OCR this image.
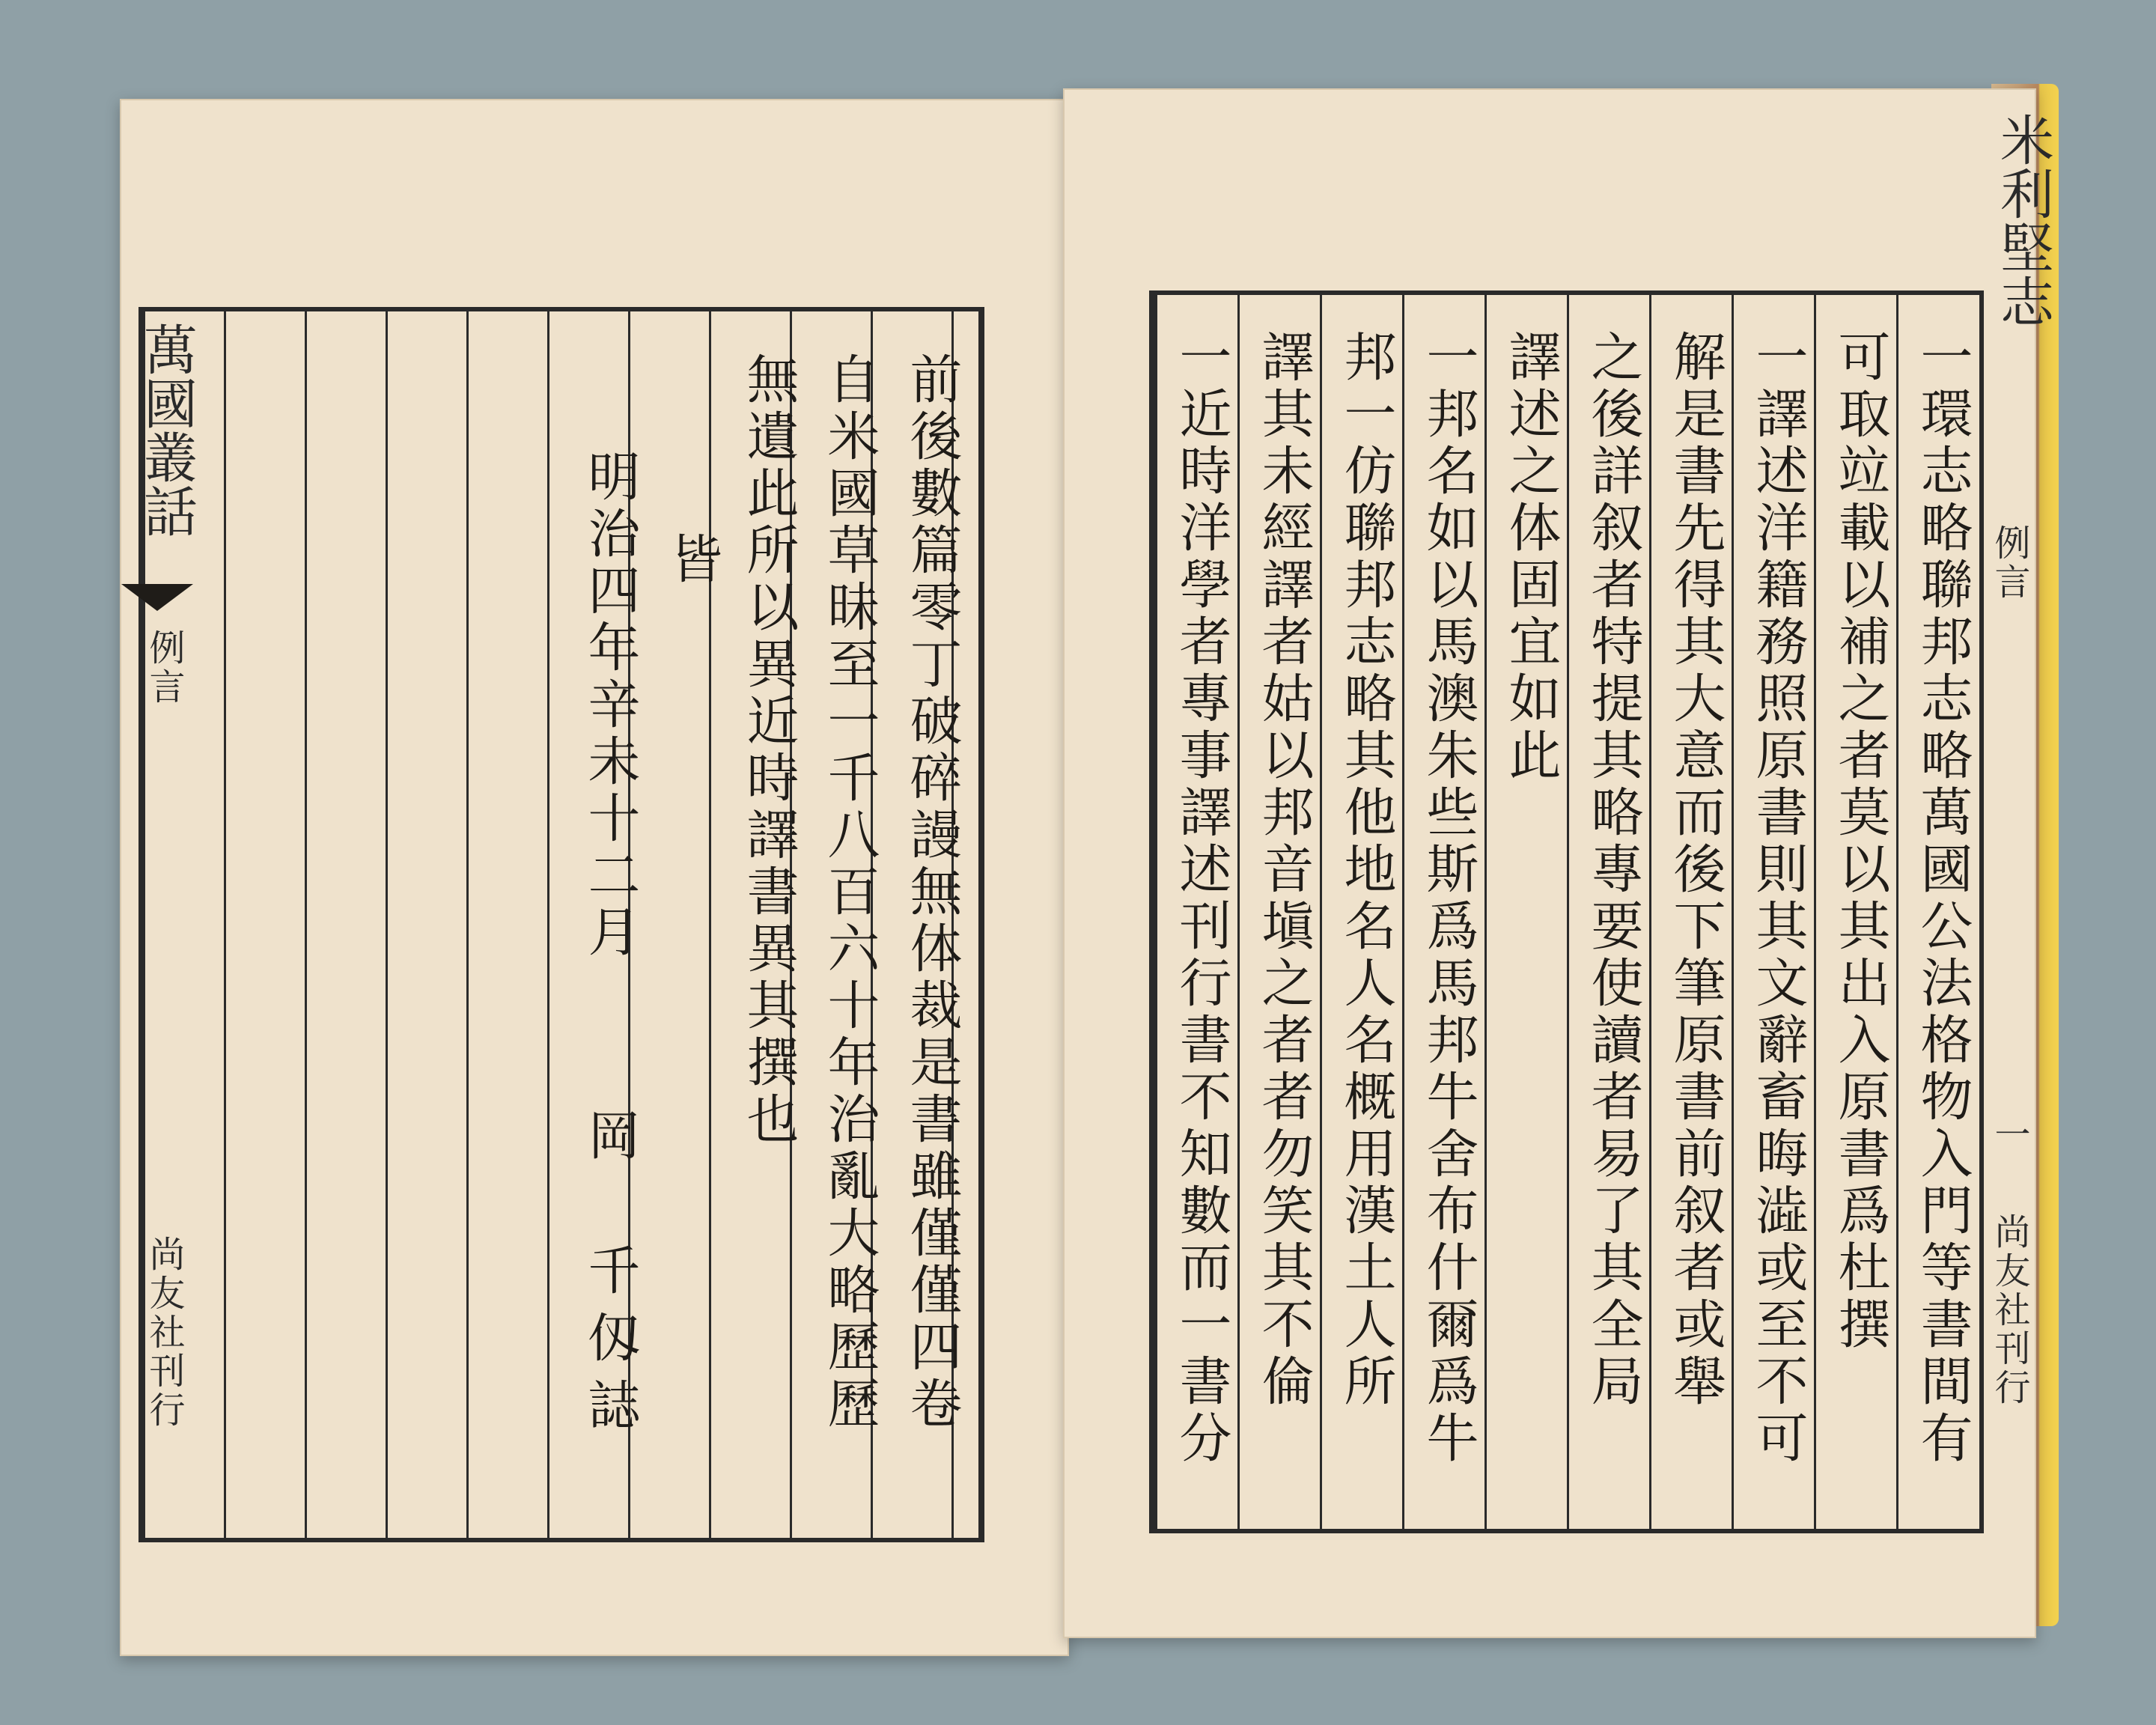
萬國叢話
例言
尚友社刊行	前後數篇零丁破碎謾無体裁是書雖僅僅四卷
自米國草昧至一千八百六十年治亂大略歷歷
無遺此所以異近時譯書異其撰也
皆
明治四年辛未十二月
岡　千仭誌
米利堅志
例言
一
尚友社刊行
一環志略聯邦志略萬國公法格物入門等書間有
可取竝載以補之者莫以其出入原書爲杜撰
一譯述洋籍務照原書則其文辭畜晦澁或至不可
解是書先得其大意而後下筆原書前叙者或舉
之後詳叙者特提其略專要使讀者易了其全局
譯述之体固宜如此
一邦名如以馬澳朱些斯爲馬邦牛舍布什爾爲牛
邦一仿聯邦志略其他地名人名概用漢土人所
譯其未經譯者姑以邦音塡之者者勿笑其不倫
一近時洋學者專事譯述刊行書不知數而一書分
